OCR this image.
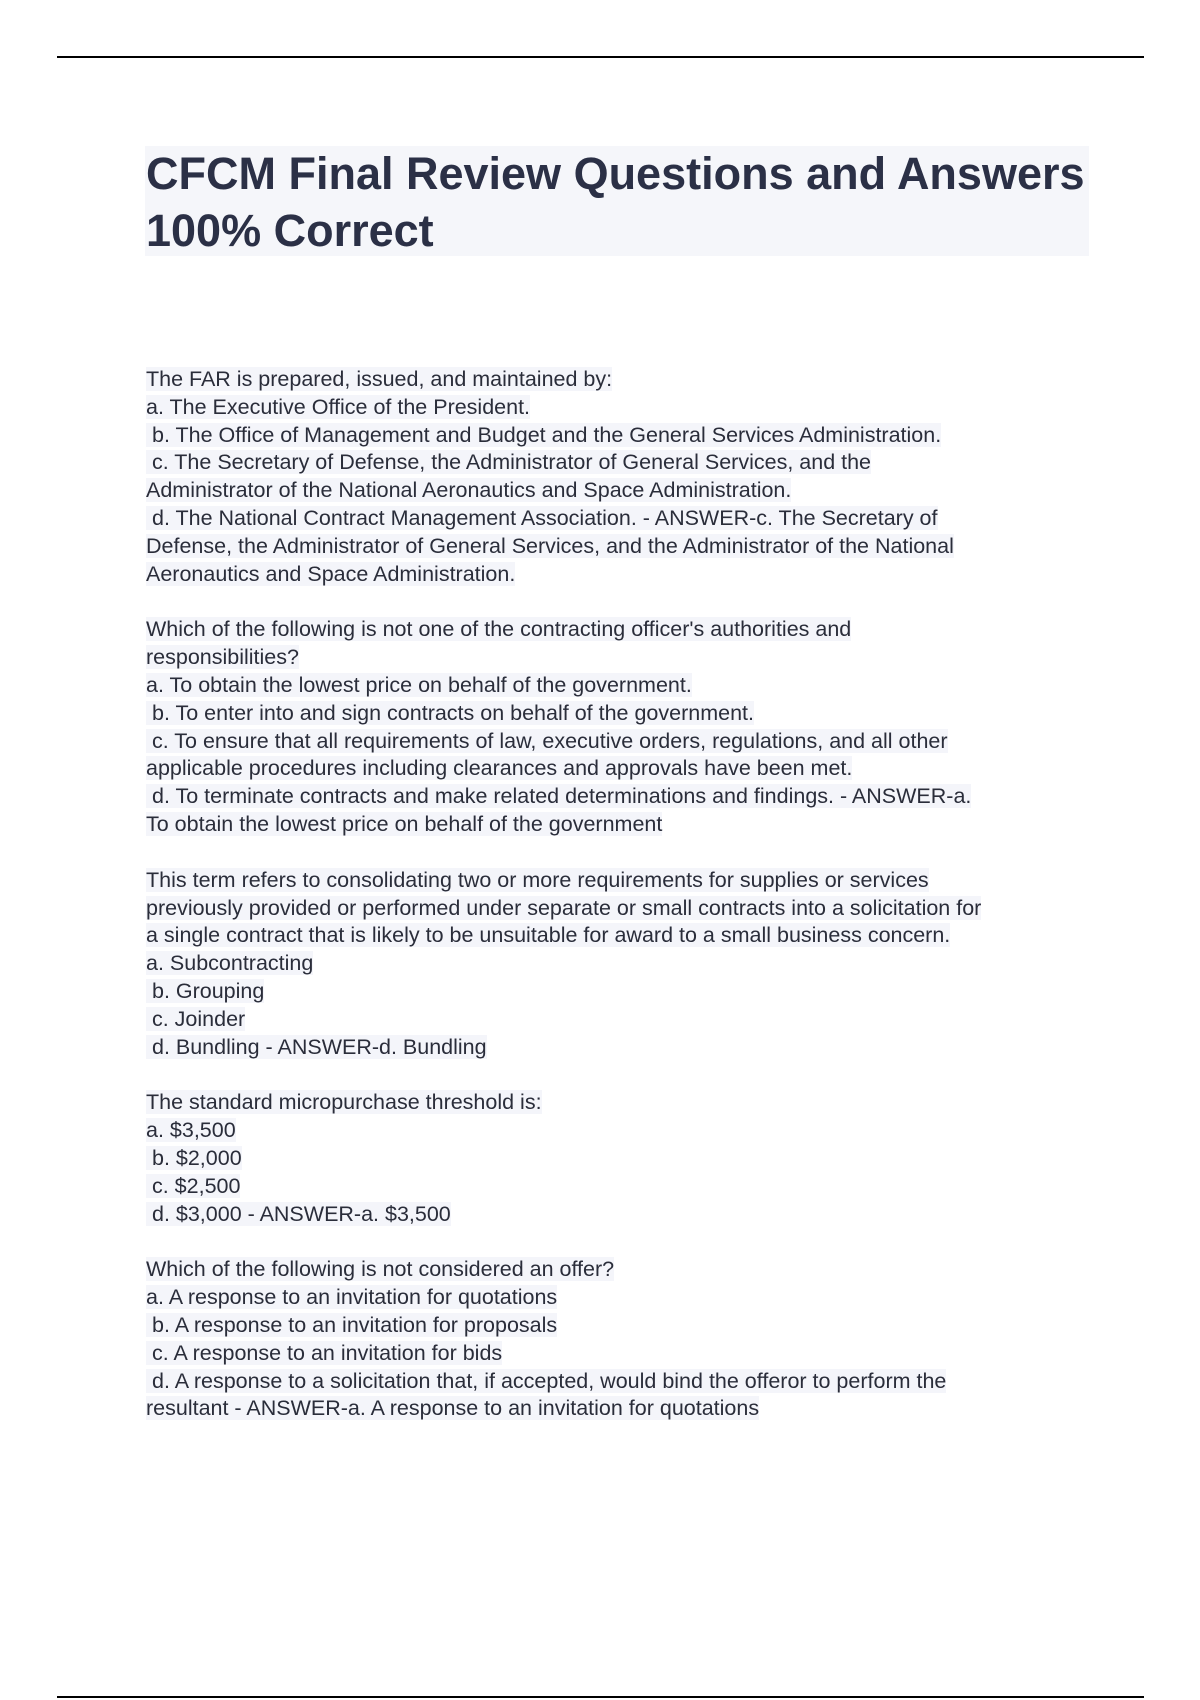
CFCM Final Review Questions and Answers 100% Correct
The FAR is prepared, issued, and maintained by:
a. The Executive Office of the President.
b. The Office of Management and Budget and the General Services Administration.
c. The Secretary of Defense, the Administrator of General Services, and the
Administrator of the National Aeronautics and Space Administration.
d. The National Contract Management Association. - ANSWER-c. The Secretary of
Defense, the Administrator of General Services, and the Administrator of the National
Aeronautics and Space Administration.
Which of the following is not one of the contracting officer's authorities and
responsibilities?
a. To obtain the lowest price on behalf of the government.
b. To enter into and sign contracts on behalf of the government.
c. To ensure that all requirements of law, executive orders, regulations, and all other
applicable procedures including clearances and approvals have been met.
d. To terminate contracts and make related determinations and findings. - ANSWER-a.
To obtain the lowest price on behalf of the government
This term refers to consolidating two or more requirements for supplies or services
previously provided or performed under separate or small contracts into a solicitation for
a single contract that is likely to be unsuitable for award to a small business concern.
a. Subcontracting
b. Grouping
c. Joinder
d. Bundling - ANSWER-d. Bundling
The standard micropurchase threshold is:
a. $3,500
b. $2,000
c. $2,500
d. $3,000 - ANSWER-a. $3,500
Which of the following is not considered an offer?
a. A response to an invitation for quotations
b. A response to an invitation for proposals
c. A response to an invitation for bids
d. A response to a solicitation that, if accepted, would bind the offeror to perform the
resultant - ANSWER-a. A response to an invitation for quotations
